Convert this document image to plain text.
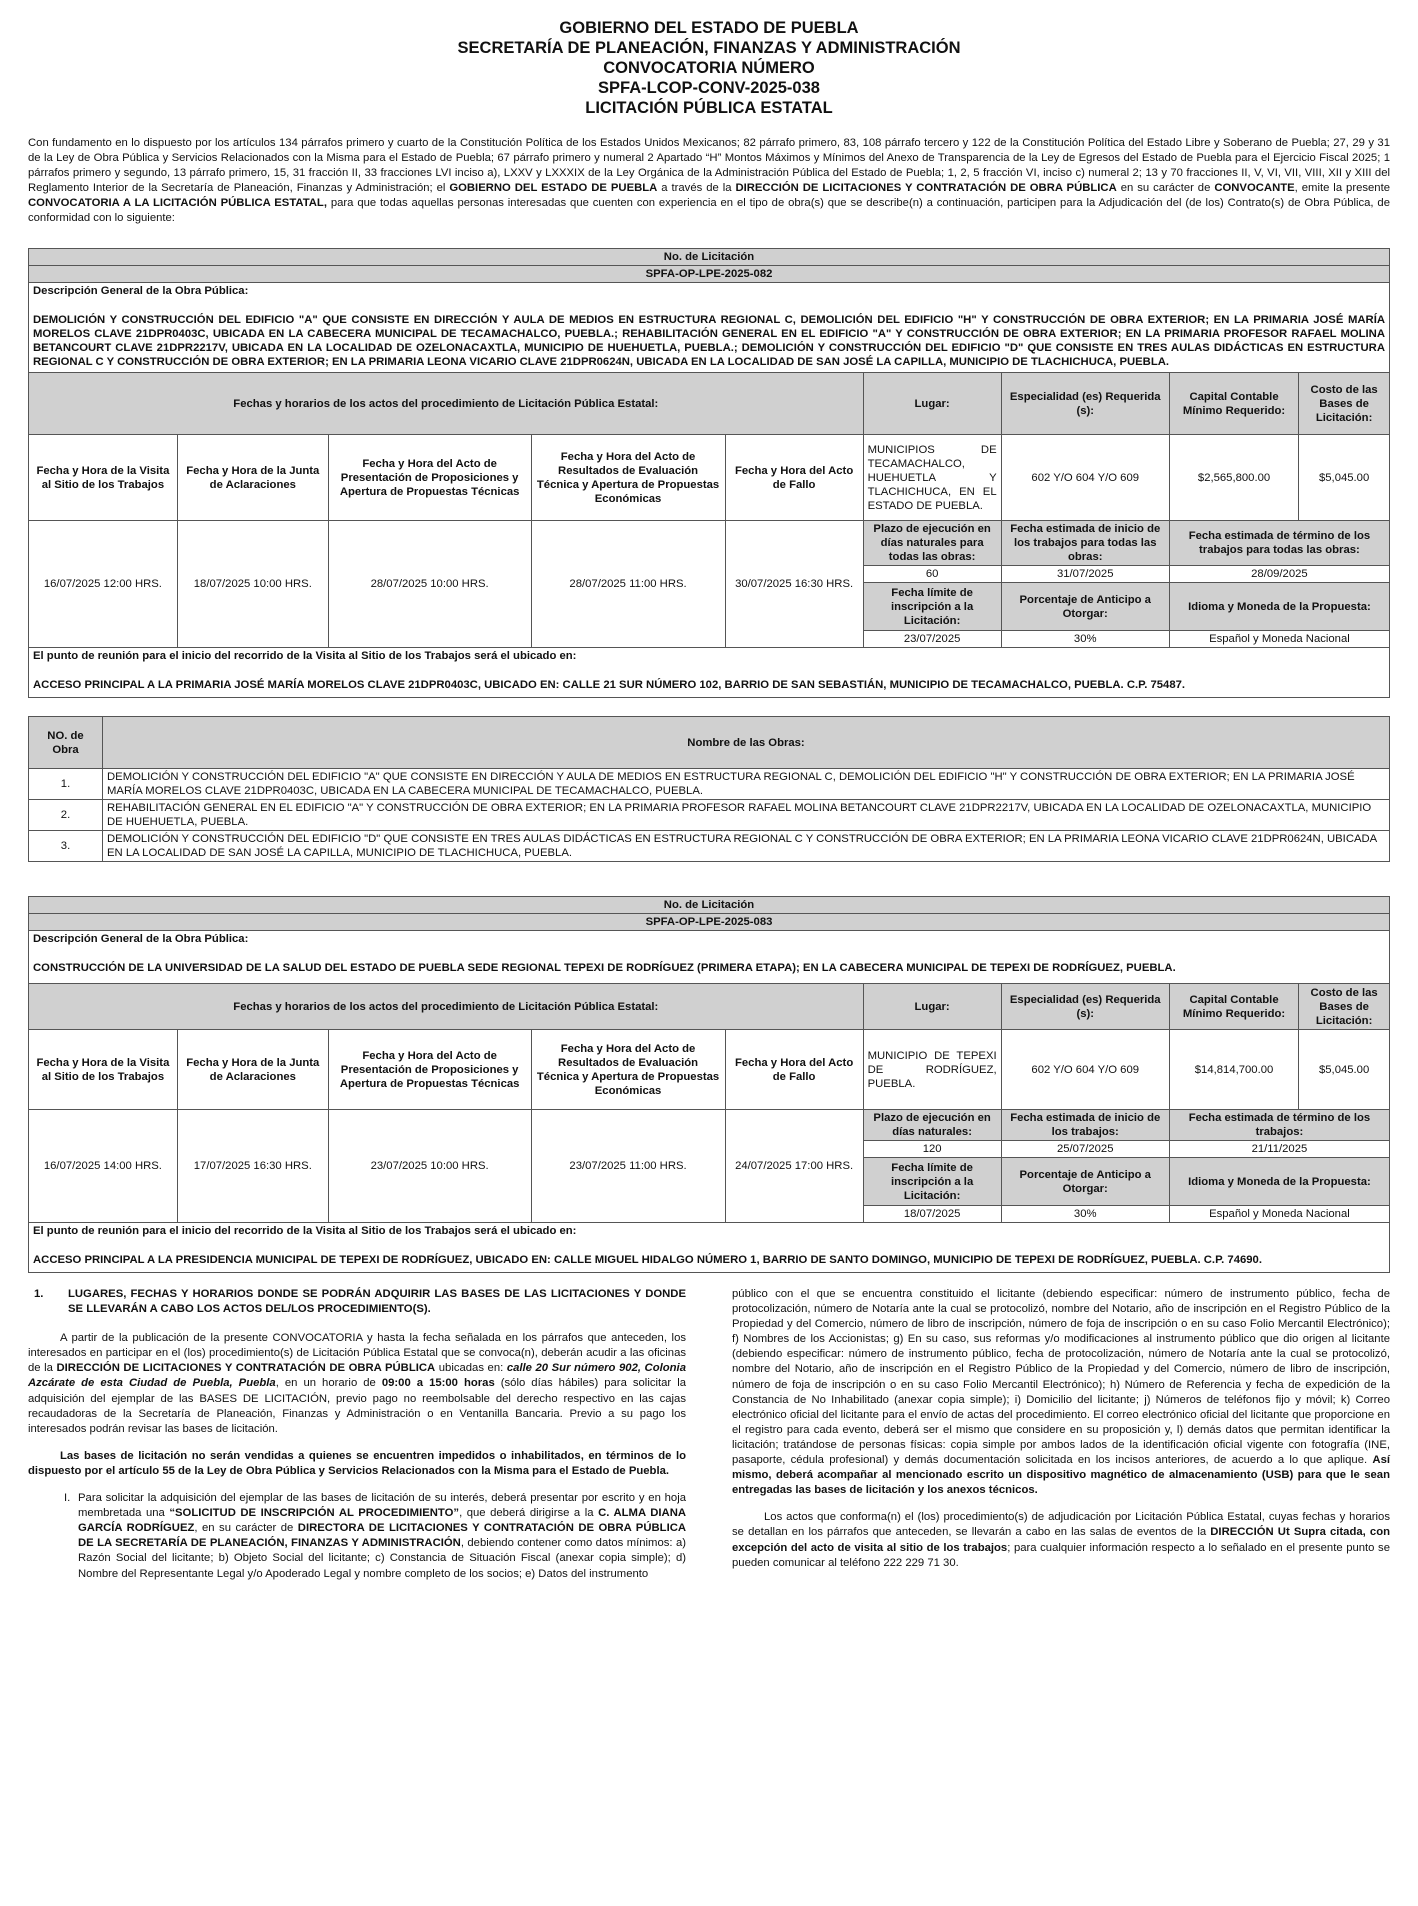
GOBIERNO DEL ESTADO DE PUEBLA
SECRETARÍA DE PLANEACIÓN, FINANZAS Y ADMINISTRACIÓN
CONVOCATORIA NÚMERO
SPFA-LCOP-CONV-2025-038
LICITACIÓN PÚBLICA ESTATAL
Con fundamento en lo dispuesto por los artículos 134 párrafos primero y cuarto de la Constitución Política de los Estados Unidos Mexicanos; 82 párrafo primero, 83, 108 párrafo tercero y 122 de la Constitución Política del Estado Libre y Soberano de Puebla; 27, 29 y 31 de la Ley de Obra Pública y Servicios Relacionados con la Misma para el Estado de Puebla; 67 párrafo primero y numeral 2 Apartado “H” Montos Máximos y Mínimos del Anexo de Transparencia de la Ley de Egresos del Estado de Puebla para el Ejercicio Fiscal 2025; 1 párrafos primero y segundo, 13 párrafo primero, 15, 31 fracción II, 33 fracciones LVI inciso a), LXXV y LXXXIX de la Ley Orgánica de la Administración Pública del Estado de Puebla; 1, 2, 5 fracción VI, inciso c) numeral 2; 13 y 70 fracciones II, V, VI, VII, VIII, XII y XIII del Reglamento Interior de la Secretaría de Planeación, Finanzas y Administración; el GOBIERNO DEL ESTADO DE PUEBLA a través de la DIRECCIÓN DE LICITACIONES Y CONTRATACIÓN DE OBRA PÚBLICA en su carácter de CONVOCANTE, emite la presente CONVOCATORIA A LA LICITACIÓN PÚBLICA ESTATAL, para que todas aquellas personas interesadas que cuenten con experiencia en el tipo de obra(s) que se describe(n) a continuación, participen para la Adjudicación del (de los) Contrato(s) de Obra Pública, de conformidad con lo siguiente:
No. de Licitación								
SPFA-OP-LPE-2025-082								
Descripción General de la Obra Pública:								
DEMOLICIÓN Y CONSTRUCCIÓN DEL EDIFICIO "A" QUE CONSISTE EN DIRECCIÓN Y AULA DE MEDIOS EN ESTRUCTURA REGIONAL C, DEMOLICIÓN DEL EDIFICIO "H" Y CONSTRUCCIÓN DE OBRA EXTERIOR; EN LA PRIMARIA JOSÉ MARÍA MORELOS CLAVE 21DPR0403C, UBICADA EN LA CABECERA MUNICIPAL DE TECAMACHALCO, PUEBLA.; REHABILITACIÓN GENERAL EN EL EDIFICIO "A" Y CONSTRUCCIÓN DE OBRA EXTERIOR; EN LA PRIMARIA PROFESOR RAFAEL MOLINA BETANCOURT CLAVE 21DPR2217V, UBICADA EN LA LOCALIDAD DE OZELONACAXTLA, MUNICIPIO DE HUEHUETLA, PUEBLA.; DEMOLICIÓN Y CONSTRUCCIÓN DEL EDIFICIO "D" QUE CONSISTE EN TRES AULAS DIDÁCTICAS EN ESTRUCTURA REGIONAL C Y CONSTRUCCIÓN DE OBRA EXTERIOR; EN LA PRIMARIA LEONA VICARIO CLAVE 21DPR0624N, UBICADA EN LA LOCALIDAD DE SAN JOSÉ LA CAPILLA, MUNICIPIO DE TLACHICHUCA, PUEBLA.								
Fechas y horarios de los actos del procedimiento de Licitación Pública Estatal:					Lugar:	Especialidad (es) Requerida (s):	Capital Contable Mínimo Requerido:	Costo de las Bases de Licitación:
Fecha y Hora de la Visita al Sitio de los Trabajos	Fecha y Hora de la Junta de Aclaraciones	Fecha y Hora del Acto de Presentación de Proposiciones y Apertura de Propuestas Técnicas	Fecha y Hora del Acto de Resultados de Evaluación Técnica y Apertura de Propuestas Económicas	Fecha y Hora del Acto de Fallo	MUNICIPIOS DE TECAMACHALCO, HUEHUETLA Y TLACHICHUCA, EN EL ESTADO DE PUEBLA.	602 Y/O 604 Y/O 609	$2,565,800.00	$5,045.00
16/07/2025 12:00 HRS.	18/07/2025 10:00 HRS.	28/07/2025 10:00 HRS.	28/07/2025 11:00 HRS.	30/07/2025 16:30 HRS.	Plazo de ejecución en días naturales para todas las obras:	Fecha estimada de inicio de los trabajos para todas las obras:	Fecha estimada de término de los trabajos para todas las obras:	
					60	31/07/2025	28/09/2025	
					Fecha límite de inscripción a la Licitación:	Porcentaje de Anticipo a Otorgar:	Idioma y Moneda de la Propuesta:	
					23/07/2025	30%	Español y Moneda Nacional	
El punto de reunión para el inicio del recorrido de la Visita al Sitio de los Trabajos será el ubicado en:								
ACCESO PRINCIPAL A LA PRIMARIA JOSÉ MARÍA MORELOS CLAVE 21DPR0403C, UBICADO EN: CALLE 21 SUR NÚMERO 102, BARRIO DE SAN SEBASTIÁN, MUNICIPIO DE TECAMACHALCO, PUEBLA. C.P. 75487.								
NO. de Obra	Nombre de las Obras:
1.	DEMOLICIÓN Y CONSTRUCCIÓN DEL EDIFICIO "A" QUE CONSISTE EN DIRECCIÓN Y AULA DE MEDIOS EN ESTRUCTURA REGIONAL C, DEMOLICIÓN DEL EDIFICIO "H" Y CONSTRUCCIÓN DE OBRA EXTERIOR; EN LA PRIMARIA JOSÉ MARÍA MORELOS CLAVE 21DPR0403C, UBICADA EN LA CABECERA MUNICIPAL DE TECAMACHALCO, PUEBLA.
2.	REHABILITACIÓN GENERAL EN EL EDIFICIO "A" Y CONSTRUCCIÓN DE OBRA EXTERIOR; EN LA PRIMARIA PROFESOR RAFAEL MOLINA BETANCOURT CLAVE 21DPR2217V, UBICADA EN LA LOCALIDAD DE OZELONACAXTLA, MUNICIPIO DE HUEHUETLA, PUEBLA.
3.	DEMOLICIÓN Y CONSTRUCCIÓN DEL EDIFICIO "D" QUE CONSISTE EN TRES AULAS DIDÁCTICAS EN ESTRUCTURA REGIONAL C Y CONSTRUCCIÓN DE OBRA EXTERIOR; EN LA PRIMARIA LEONA VICARIO CLAVE 21DPR0624N, UBICADA EN LA LOCALIDAD DE SAN JOSÉ LA CAPILLA, MUNICIPIO DE TLACHICHUCA, PUEBLA.
No. de Licitación								
SPFA-OP-LPE-2025-083								
Descripción General de la Obra Pública:								
CONSTRUCCIÓN DE LA UNIVERSIDAD DE LA SALUD DEL ESTADO DE PUEBLA SEDE REGIONAL TEPEXI DE RODRÍGUEZ (PRIMERA ETAPA); EN LA CABECERA MUNICIPAL DE TEPEXI DE RODRÍGUEZ, PUEBLA.								
Fechas y horarios de los actos del procedimiento de Licitación Pública Estatal:					Lugar:	Especialidad (es) Requerida (s):	Capital Contable Mínimo Requerido:	Costo de las Bases de Licitación:
Fecha y Hora de la Visita al Sitio de los Trabajos	Fecha y Hora de la Junta de Aclaraciones	Fecha y Hora del Acto de Presentación de Proposiciones y Apertura de Propuestas Técnicas	Fecha y Hora del Acto de Resultados de Evaluación Técnica y Apertura de Propuestas Económicas	Fecha y Hora del Acto de Fallo	MUNICIPIO DE TEPEXI DE RODRÍGUEZ, PUEBLA.	602 Y/O 604 Y/O 609	$14,814,700.00	$5,045.00
16/07/2025 14:00 HRS.	17/07/2025 16:30 HRS.	23/07/2025 10:00 HRS.	23/07/2025 11:00 HRS.	24/07/2025 17:00 HRS.	Plazo de ejecución en días naturales:	Fecha estimada de inicio de los trabajos:	Fecha estimada de término de los trabajos:	
					120	25/07/2025	21/11/2025	
					Fecha límite de inscripción a la Licitación:	Porcentaje de Anticipo a Otorgar:	Idioma y Moneda de la Propuesta:	
					18/07/2025	30%	Español y Moneda Nacional	
El punto de reunión para el inicio del recorrido de la Visita al Sitio de los Trabajos será el ubicado en:								
ACCESO PRINCIPAL A LA PRESIDENCIA MUNICIPAL DE TEPEXI DE RODRÍGUEZ, UBICADO EN: CALLE MIGUEL HIDALGO NÚMERO 1, BARRIO DE SANTO DOMINGO, MUNICIPIO DE TEPEXI DE RODRÍGUEZ, PUEBLA. C.P. 74690.								
1.	LUGARES, FECHAS Y HORARIOS DONDE SE PODRÁN ADQUIRIR LAS BASES DE LAS LICITACIONES Y DONDE SE LLEVARÁN A CABO LOS ACTOS DEL/LOS PROCEDIMIENTO(S).

A partir de la publicación de la presente CONVOCATORIA y hasta la fecha señalada en los párrafos que anteceden, los interesados en participar en el (los) procedimiento(s) de Licitación Pública Estatal que se convoca(n), deberán acudir a las oficinas de la DIRECCIÓN DE LICITACIONES Y CONTRATACIÓN DE OBRA PÚBLICA ubicadas en: calle 20 Sur número 902, Colonia Azcárate de esta Ciudad de Puebla, Puebla, en un horario de 09:00 a 15:00 horas (sólo días hábiles) para solicitar la adquisición del ejemplar de las BASES DE LICITACIÓN, previo pago no reembolsable del derecho respectivo en las cajas recaudadoras de la Secretaría de Planeación, Finanzas y Administración o en Ventanilla Bancaria. Previo a su pago los interesados podrán revisar las bases de licitación.

Las bases de licitación no serán vendidas a quienes se encuentren impedidos o inhabilitados, en términos de lo dispuesto por el artículo 55 de la Ley de Obra Pública y Servicios Relacionados con la Misma para el Estado de Puebla.

I. Para solicitar la adquisición del ejemplar de las bases de licitación de su interés, deberá presentar por escrito y en hoja membretada una “SOLICITUD DE INSCRIPCIÓN AL PROCEDIMIENTO”, que deberá dirigirse a la C. ALMA DIANA GARCÍA RODRÍGUEZ, en su carácter de DIRECTORA DE LICITACIONES Y CONTRATACIÓN DE OBRA PÚBLICA DE LA SECRETARÍA DE PLANEACIÓN, FINANZAS Y ADMINISTRACIÓN, debiendo contener como datos mínimos: a) Razón Social del licitante; b) Objeto Social del licitante; c) Constancia de Situación Fiscal (anexar copia simple); d) Nombre del Representante Legal y/o Apoderado Legal y nombre completo de los socios; e) Datos del instrumento

público con el que se encuentra constituido el licitante (debiendo especificar: número de instrumento público, fecha de protocolización, número de Notaría ante la cual se protocolizó, nombre del Notario, año de inscripción en el Registro Público de la Propiedad y del Comercio, número de libro de inscripción, número de foja de inscripción o en su caso Folio Mercantil Electrónico); f) Nombres de los Accionistas; g) En su caso, sus reformas y/o modificaciones al instrumento público que dio origen al licitante (debiendo especificar: número de instrumento público, fecha de protocolización, número de Notaría ante la cual se protocolizó, nombre del Notario, año de inscripción en el Registro Público de la Propiedad y del Comercio, número de libro de inscripción, número de foja de inscripción o en su caso Folio Mercantil Electrónico); h) Número de Referencia y fecha de expedición de la Constancia de No Inhabilitado (anexar copia simple); i) Domicilio del licitante; j) Números de teléfonos fijo y móvil; k) Correo electrónico oficial del licitante para el envío de actas del procedimiento. El correo electrónico oficial del licitante que proporcione en el registro para cada evento, deberá ser el mismo que considere en su proposición y, l) demás datos que permitan identificar la licitación; tratándose de personas físicas: copia simple por ambos lados de la identificación oficial vigente con fotografía (INE, pasaporte, cédula profesional) y demás documentación solicitada en los incisos anteriores, de acuerdo a lo que aplique. Así mismo, deberá acompañar al mencionado escrito un dispositivo magnético de almacenamiento (USB) para que le sean entregadas las bases de licitación y los anexos técnicos.

Los actos que conforma(n) el (los) procedimiento(s) de adjudicación por Licitación Pública Estatal, cuyas fechas y horarios se detallan en los párrafos que anteceden, se llevarán a cabo en las salas de eventos de la DIRECCIÓN Ut Supra citada, con excepción del acto de visita al sitio de los trabajos; para cualquier información respecto a lo señalado en el presente punto se pueden comunicar al teléfono 222 229 71 30.
